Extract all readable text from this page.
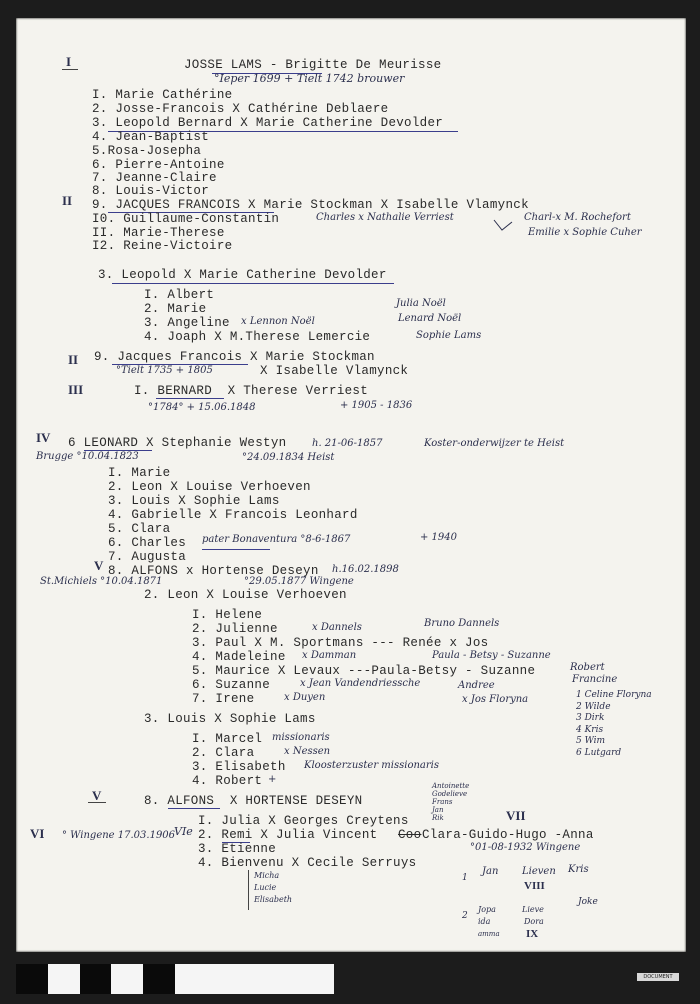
I	JOSSE LAMS - Brigitte De Meurisse
°Ieper 1699 + Tielt 1742 brouwer
I. Marie Cathérine
2. Josse-Francois X Cathérine Deblaere
3. Leopold Bernard X Marie Catherine Devolder
4. Jean-Baptist
5.Rosa-Josepha
6. Pierre-Antoine
7. Jeanne-Claire
8. Louis-Victor
II 9. JACQUES FRANCOIS X Marie Stockman X Isabelle Vlamynck
I0. Guillaume-Constantin	Charles x Nathalie Verriest	Charl-x M. Rochefort
Emilie x Sophie Cuher
II. Marie-Therese
I2. Reine-Victoire
3. Leopold X Marie Catherine Devolder
I. Albert
2. Marie	Julia Noël
3. Angeline x Lennon Noël	Lenard Noël
4. Joaph X M.Therese Lemercie	Sophie Lams
II 9. Jacques Francois X Marie Stockman
°Tielt 1735 + 1805	X Isabelle Vlamynck
III	I. BERNARD  X Therese Verriest
°1784° + 15.06.1848	+ 1905 - 1836
IV 6 LEONARD X Stephanie Westyn	h. 21-06-1857	Koster-onderwijzer te Heist
Brugge °10.04.1823	°24.09.1834 Heist
I. Marie
2. Leon X Louise Verhoeven
3. Louis X Sophie Lams
4. Gabrielle X Francois Leonhard
5. Clara
6. Charles pater Bonaventura °8-6-1867	+ 1940
7. Augusta
V 8. ALFONS x Hortense Deseyn h.16.02.1898
St.Michiels °10.04.1871	°29.05.1877 Wingene
2. Leon X Louise Verhoeven
I. Helene
2. Julienne	x Dannels	Bruno Dannels
3. Paul X M. Sportmans --- Renée x Jos
4. Madeleine x Damman	Paula - Betsy - Suzanne
5. Maurice X Levaux ---Paula-Betsy - Suzanne	Robert
Francine
6. Suzanne	x Jean Vandendriessche	Andree
7. Irene	x Duyen	x Jos Floryna	1 Celine Floryna
2 Wilde
3 Dirk
4 Kris
5 Wim
6 Lutgard
3. Louis X Sophie Lams
I. Marcel missionaris
2. Clara	x Nessen
3. Elisabeth Kloosterzuster missionaris
4. Robert +
V	8. ALFONS  X HORTENSE DESEYN
Antoinette
Godelieve
Frans
Jan
Rik	VII
I. Julia X Georges Creytens
VI ° Wingene 17.03.1906
VIe 2. Remi X Julia Vincent Coo Clara-Guido-Hugo -Anna
°01-08-1932 Wingene
3. Etienne
4. Bienvenu X Cecile Serruys
Micha
Lucie
Elisabeth
1
Jan Lieven Kris
VIII
Joke
2
Jopa
ida
amma
Lieve
Dora
IX
DOCUMENT
